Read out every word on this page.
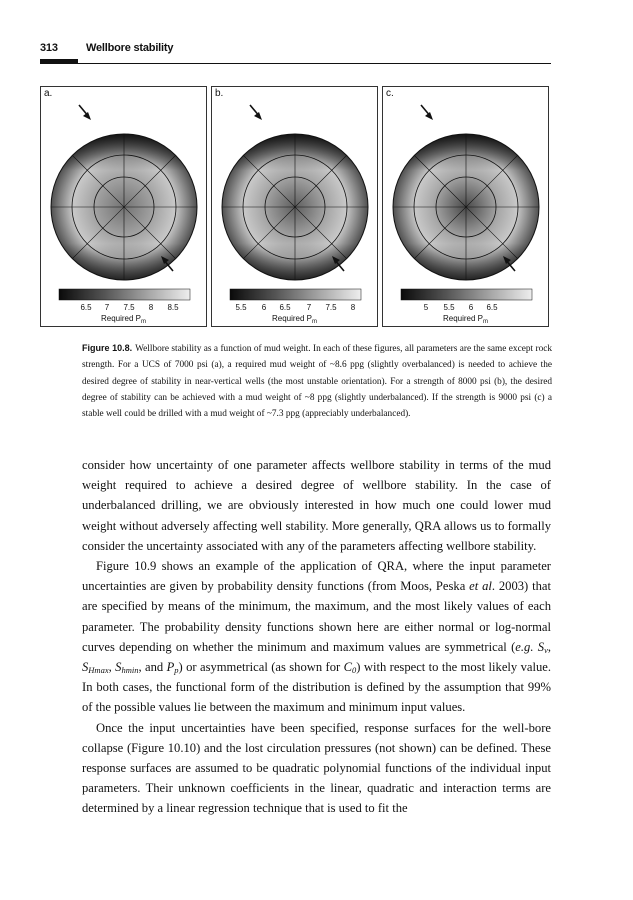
313	Wellbore stability
a.
6.5 7 7.5 8 8.5
Required $P_m$
b.
5.5 6 6.5 7 7.5 8
Required $P_m$
c.
5 5.5 6 6.5
Required $P_m$
Figure 10.8. Wellbore stability as a function of mud weight. In each of these figures, all parameters are the same except rock strength. For a UCS of 7000 psi (a), a required mud weight of ~8.6 ppg (slightly overbalanced) is needed to achieve the desired degree of stability in near-vertical wells (the most unstable orientation). For a strength of 8000 psi (b), the desired degree of stability can be achieved with a mud weight of ~8 ppg (slightly underbalanced). If the strength is 9000 psi (c) a stable well could be drilled with a mud weight of ~7.3 ppg (appreciably underbalanced).

consider how uncertainty of one parameter affects wellbore stability in terms of the mud weight required to achieve a desired degree of wellbore stability. In the case of underbalanced drilling, we are obviously interested in how much one could lower mud weight without adversely affecting well stability. More generally, QRA allows us to formally consider the uncertainty associated with any of the parameters affecting wellbore stability.

Figure 10.9 shows an example of the application of QRA, where the input parameter uncertainties are given by probability density functions (from Moos, Peska et al. 2003) that are specified by means of the minimum, the maximum, and the most likely values of each parameter. The probability density functions shown here are either normal or log-normal curves depending on whether the minimum and maximum values are symmetrical (e.g. $S_v$, $S_{Hmax}$, $S_{hmin}$, and $P_p$) or asymmetrical (as shown for $C_0$) with respect to the most likely value. In both cases, the functional form of the distribution is defined by the assumption that 99% of the possible values lie between the maximum and minimum input values.

Once the input uncertainties have been specified, response surfaces for the well-bore collapse (Figure 10.10) and the lost circulation pressures (not shown) can be defined. These response surfaces are assumed to be quadratic polynomial functions of the individual input parameters. Their unknown coefficients in the linear, quadratic and interaction terms are determined by a linear regression technique that is used to fit the
